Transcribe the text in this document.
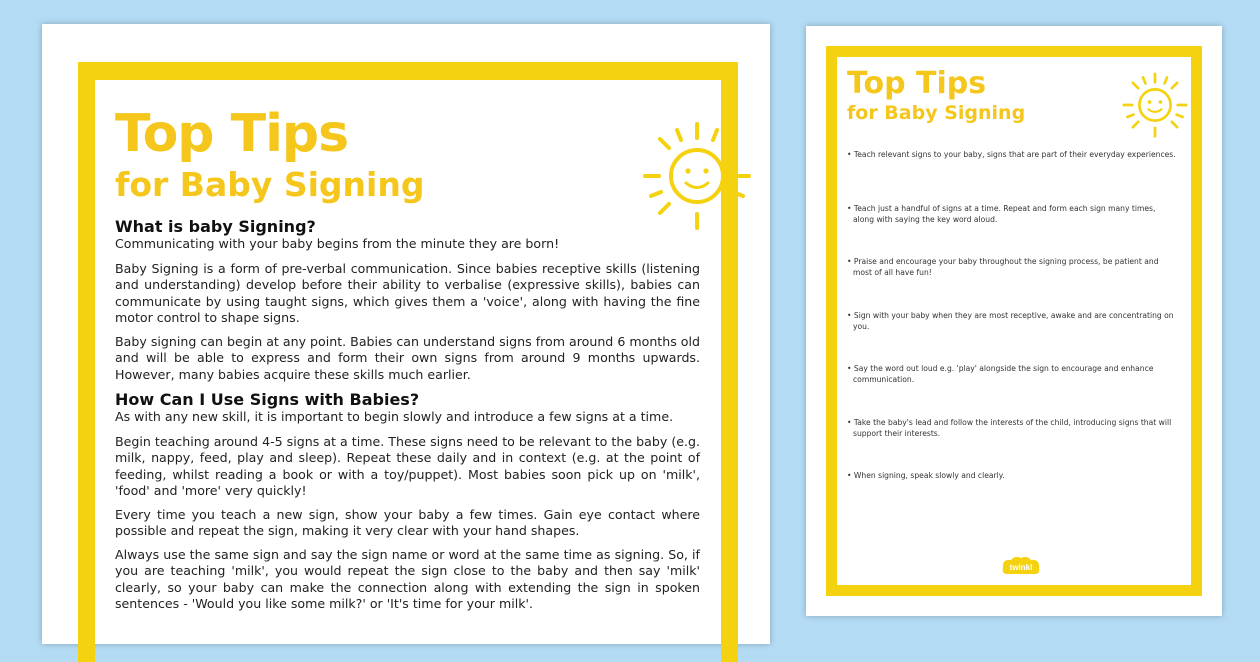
Top Tips
for Baby Signing
What is baby Signing?

Communicating with your baby begins from the minute they are born!

Baby Signing is a form of pre-verbal communication. Since babies receptive skills (listening and understanding) develop before their ability to verbalise (expressive skills), babies can communicate by using taught signs, which gives them a 'voice', along with having the fine motor control to shape signs.

Baby signing can begin at any point. Babies can understand signs from around 6 months old and will be able to express and form their own signs from around 9 months upwards. However, many babies acquire these skills much earlier.

How Can I Use Signs with Babies?

As with any new skill, it is important to begin slowly and introduce a few signs at a time.

Begin teaching around 4-5 signs at a time. These signs need to be relevant to the baby (e.g. milk, nappy, feed, play and sleep). Repeat these daily and in context (e.g. at the point of feeding, whilst reading a book or with a toy/puppet). Most babies soon pick up on 'milk', 'food' and 'more' very quickly!

Every time you teach a new sign, show your baby a few times. Gain eye contact where possible and repeat the sign, making it very clear with your hand shapes.

Always use the same sign and say the sign name or word at the same time as signing. So, if you are teaching 'milk', you would repeat the sign close to the baby and then say 'milk' clearly, so your baby can make the connection along with extending the sign in spoken sentences - 'Would you like some milk?' or 'It's time for your milk'.

Top Tips
for Baby Signing
• Teach relevant signs to your baby, signs that are part of their everyday experiences.
• Teach just a handful of signs at a time. Repeat and form each sign many times, along with saying the key word aloud.
• Praise and encourage your baby throughout the signing process, be patient and most of all have fun!
• Sign with your baby when they are most receptive, awake and are concentrating on you.
• Say the word out loud e.g. 'play' alongside the sign to encourage and enhance communication.
• Take the baby's lead and follow the interests of the child, introducing signs that will support their interests.
• When signing, speak slowly and clearly.
twinkl
